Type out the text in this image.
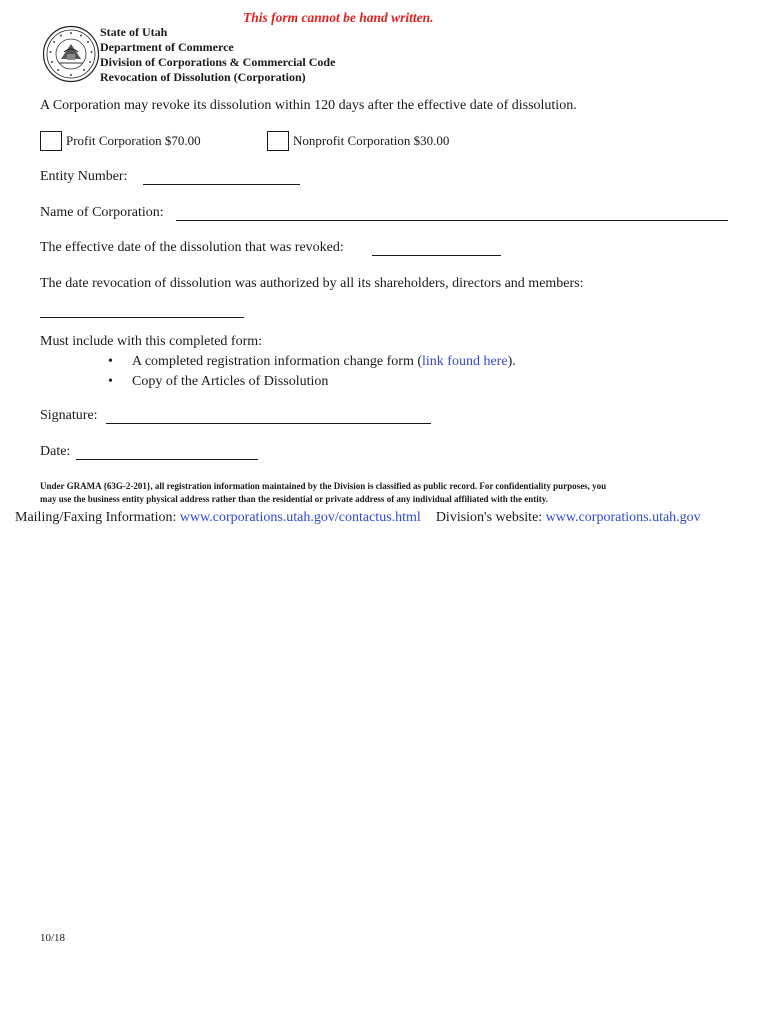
This form cannot be hand written.
State of Utah
Department of Commerce
Division of Corporations & Commercial Code
Revocation of Dissolution (Corporation)
A Corporation may revoke its dissolution within 120 days after the effective date of dissolution.
Profit Corporation $70.00	Nonprofit Corporation $30.00
Entity Number:
Name of Corporation:
The effective date of the dissolution that was revoked:
The date revocation of dissolution was authorized by all its shareholders, directors and members:
Must include with this completed form:
• A completed registration information change form (link found here).
• Copy of the Articles of Dissolution
Signature:
Date:
Under GRAMA {63G-2-201}, all registration information maintained by the Division is classified as public record. For confidentiality purposes, you
may use the business entity physical address rather than the residential or private address of any individual affiliated with the entity.
Mailing/Faxing Information: www.corporations.utah.gov/contactus.html Division's website: www.corporations.utah.gov
10/18
